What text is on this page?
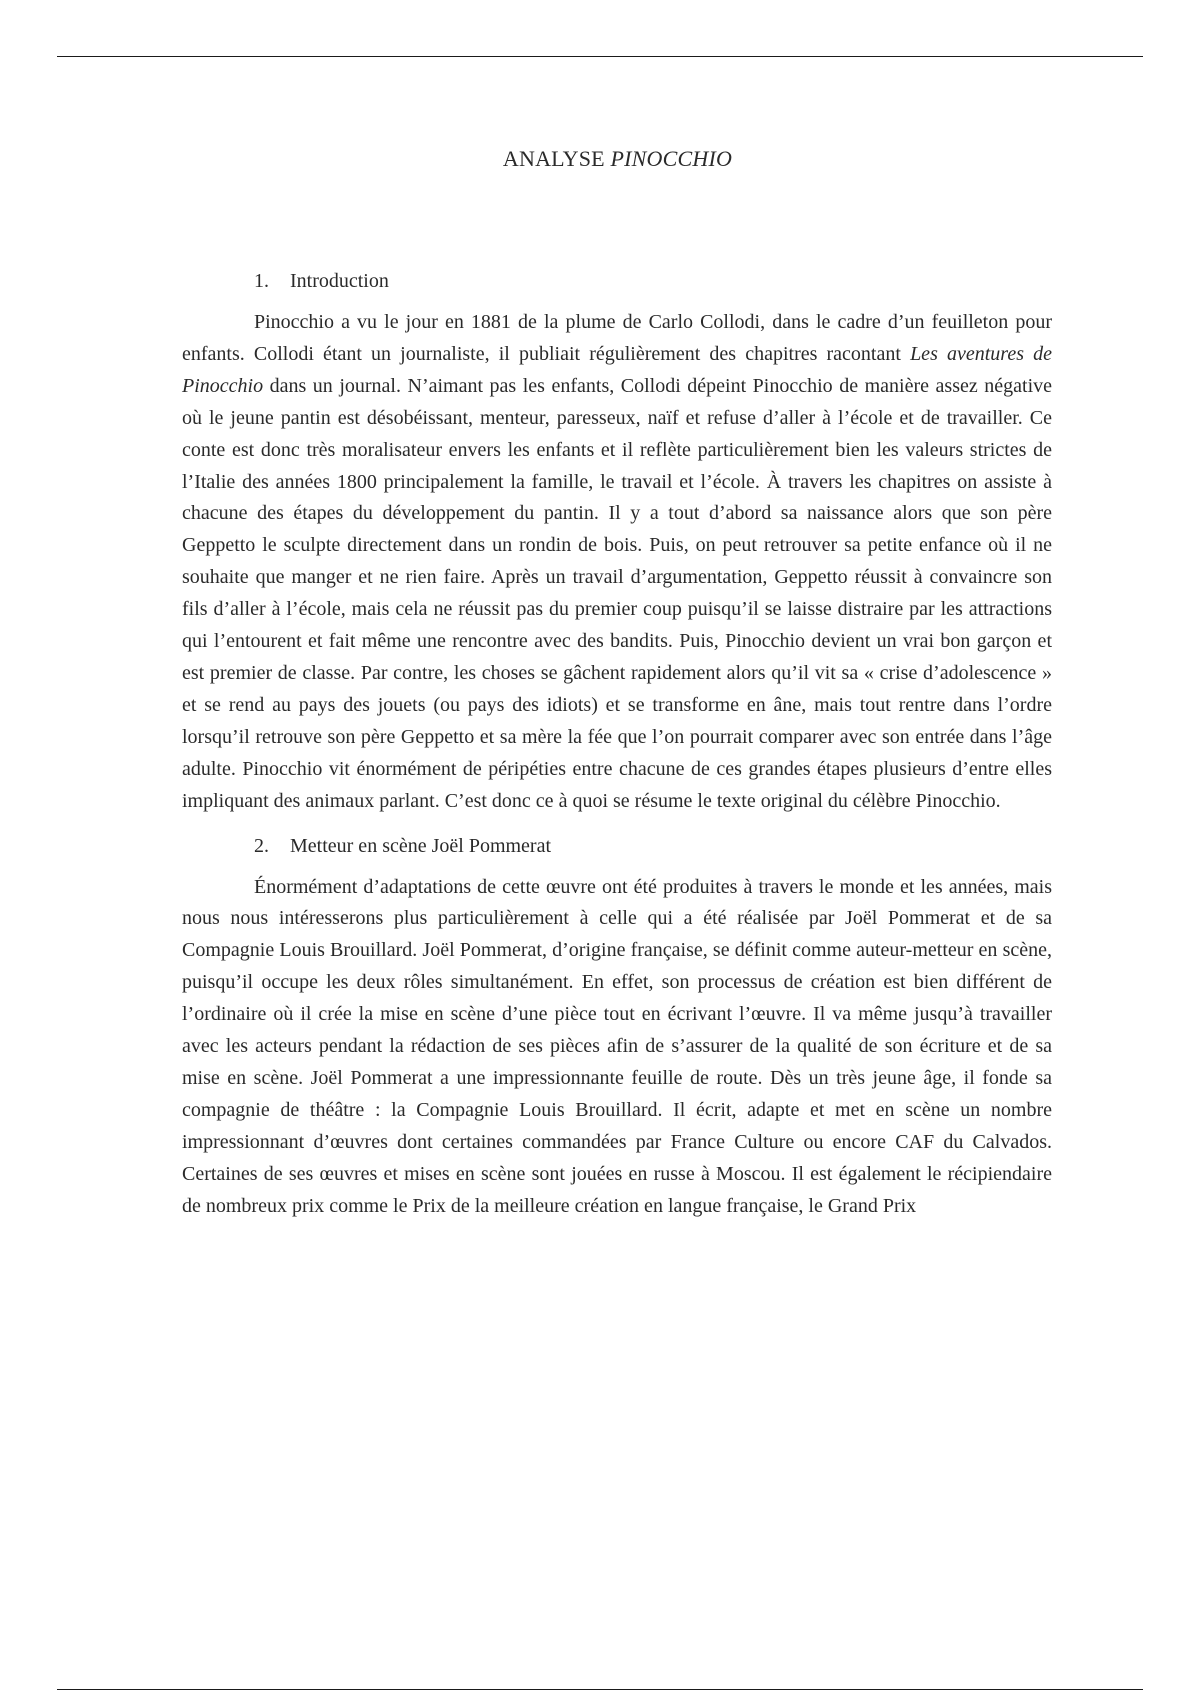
ANALYSE PINOCCHIO
1.	Introduction

Pinocchio a vu le jour en 1881 de la plume de Carlo Collodi, dans le cadre d’un feuilleton pour enfants. Collodi étant un journaliste, il publiait régulièrement des chapitres racontant Les aventures de Pinocchio dans un journal. N’aimant pas les enfants, Collodi dépeint Pinocchio de manière assez négative où le jeune pantin est désobéissant, menteur, paresseux, naïf et refuse d’aller à l’école et de travailler. Ce conte est donc très moralisateur envers les enfants et il reflète particulièrement bien les valeurs strictes de l’Italie des années 1800 principalement la famille, le travail et l’école. À travers les chapitres on assiste à chacune des étapes du développement du pantin. Il y a tout d’abord sa naissance alors que son père Geppetto le sculpte directement dans un rondin de bois. Puis, on peut retrouver sa petite enfance où il ne souhaite que manger et ne rien faire. Après un travail d’argumentation, Geppetto réussit à convaincre son fils d’aller à l’école, mais cela ne réussit pas du premier coup puisqu’il se laisse distraire par les attractions qui l’entourent et fait même une rencontre avec des bandits. Puis, Pinocchio devient un vrai bon garçon et est premier de classe. Par contre, les choses se gâchent rapidement alors qu’il vit sa « crise d’adolescence » et se rend au pays des jouets (ou pays des idiots) et se transforme en âne, mais tout rentre dans l’ordre lorsqu’il retrouve son père Geppetto et sa mère la fée que l’on pourrait comparer avec son entrée dans l’âge adulte. Pinocchio vit énormément de péripéties entre chacune de ces grandes étapes plusieurs d’entre elles impliquant des animaux parlant. C’est donc ce à quoi se résume le texte original du célèbre Pinocchio.

2.	Metteur en scène Joël Pommerat

Énormément d’adaptations de cette œuvre ont été produites à travers le monde et les années, mais nous nous intéresserons plus particulièrement à celle qui a été réalisée par Joël Pommerat et de sa Compagnie Louis Brouillard. Joël Pommerat, d’origine française, se définit comme auteur-metteur en scène, puisqu’il occupe les deux rôles simultanément. En effet, son processus de création est bien différent de l’ordinaire où il crée la mise en scène d’une pièce tout en écrivant l’œuvre. Il va même jusqu’à travailler avec les acteurs pendant la rédaction de ses pièces afin de s’assurer de la qualité de son écriture et de sa mise en scène. Joël Pommerat a une impressionnante feuille de route. Dès un très jeune âge, il fonde sa compagnie de théâtre : la Compagnie Louis Brouillard. Il écrit, adapte et met en scène un nombre impressionnant d’œuvres dont certaines commandées par France Culture ou encore CAF du Calvados. Certaines de ses œuvres et mises en scène sont jouées en russe à Moscou. Il est également le récipiendaire de nombreux prix comme le Prix de la meilleure création en langue française, le Grand Prix
